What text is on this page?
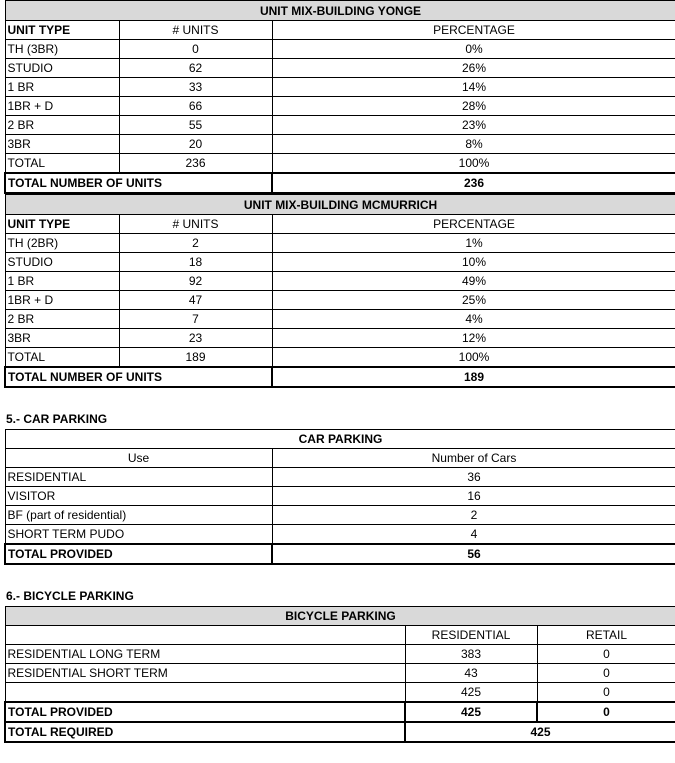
UNIT MIX-BUILDING YONGE		
UNIT TYPE	# UNITS	PERCENTAGE
TH (3BR)	0	0%
STUDIO	62	26%
1 BR	33	14%
1BR + D	66	28%
2 BR	55	23%
3BR	20	8%
TOTAL	236	100%
TOTAL NUMBER OF UNITS		236
UNIT MIX-BUILDING MCMURRICH		
UNIT TYPE	# UNITS	PERCENTAGE
TH (2BR)	2	1%
STUDIO	18	10%
1 BR	92	49%
1BR + D	47	25%
2 BR	7	4%
3BR	23	12%
TOTAL	189	100%
TOTAL NUMBER OF UNITS		189
5.- CAR PARKING
CAR PARKING	
Use	Number of Cars
RESIDENTIAL	36
VISITOR	16
BF (part of residential)	2
SHORT TERM PUDO	4
TOTAL PROVIDED	56
6.- BICYCLE PARKING
BICYCLE PARKING		
	RESIDENTIAL	RETAIL
RESIDENTIAL LONG TERM	383	0
RESIDENTIAL SHORT TERM	43	0
	425	0
TOTAL PROVIDED	425	0
TOTAL REQUIRED	425	
